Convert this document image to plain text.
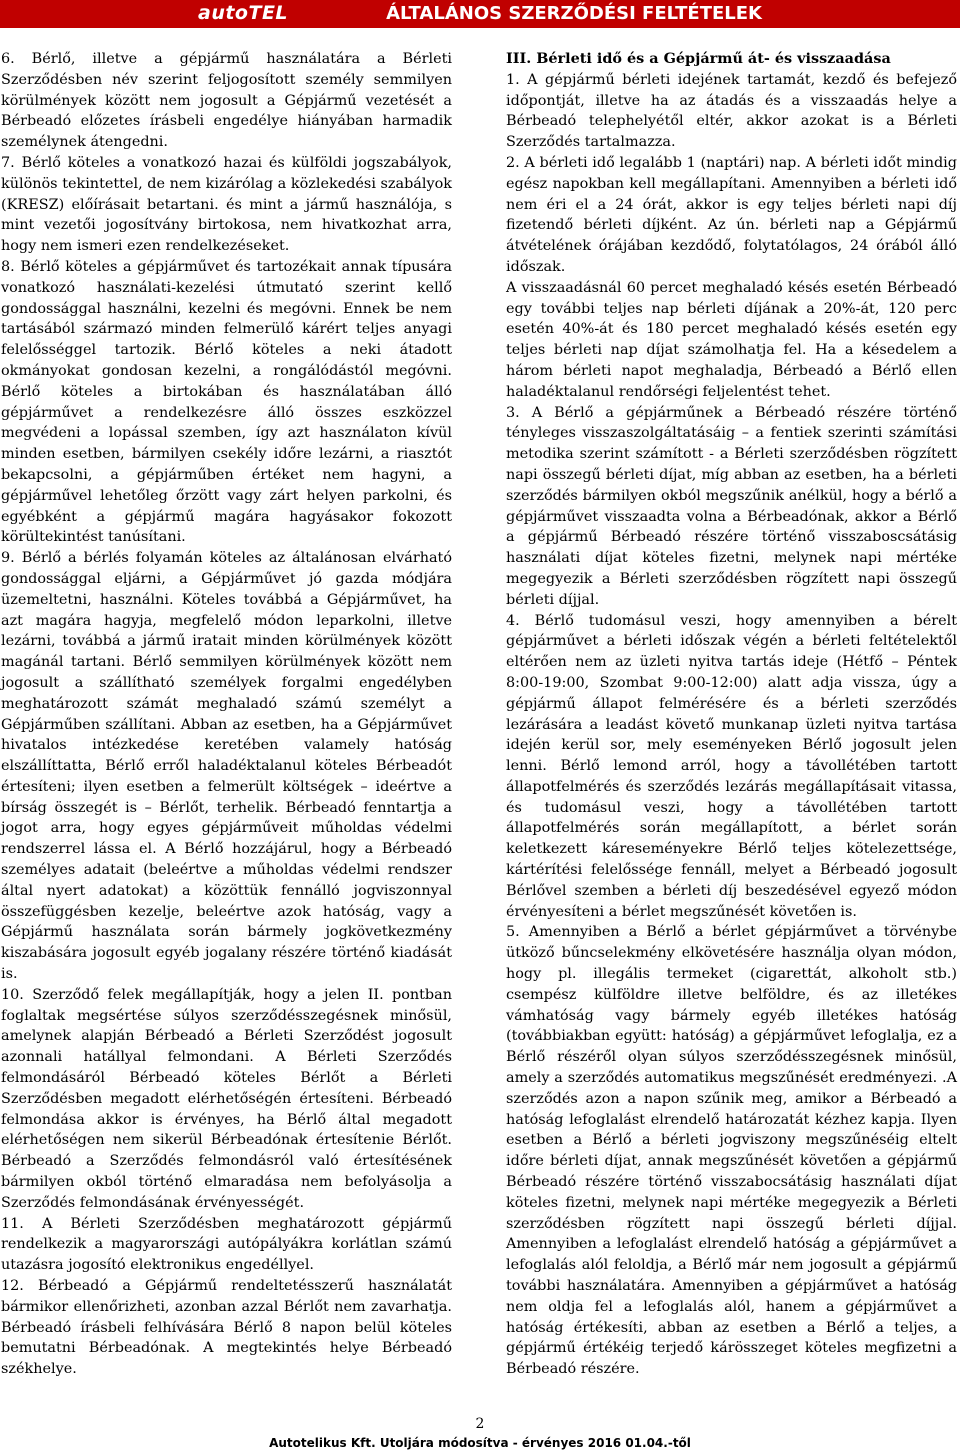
autoTEL	ÁLTALÁNOS SZERZŐDÉSI FELTÉTELEK

6. Bérlő, illetve a gépjármű használatára a Bérleti Szerződésben név szerint feljogosított személy semmilyen körülmények között nem jogosult a Gépjármű vezetését a Bérbeadó előzetes írásbeli engedélye hiányában harmadik személynek átengedni.

7. Bérlő köteles a vonatkozó hazai és külföldi jogszabályok, különös tekintettel, de nem kizárólag a közlekedési szabályok (KRESZ) előírásait betartani. és mint a jármű használója, s mint vezetői jogosítvány birtokosa, nem hivatkozhat arra, hogy nem ismeri ezen rendelkezéseket.

8. Bérlő köteles a gépjárművet és tartozékait annak típusára vonatkozó használati-kezelési útmutató szerint kellő gondossággal használni, kezelni és megóvni. Ennek be nem tartásából származó minden felmerülő kárért teljes anyagi felelősséggel tartozik. Bérlő köteles a neki átadott okmányokat gondosan kezelni, a rongálódástól megóvni. Bérlő köteles a birtokában és használatában álló gépjárművet a rendelkezésre álló összes eszközzel megvédeni a lopással szemben, így azt használaton kívül minden esetben, bármilyen csekély időre lezárni, a riasztót bekapcsolni, a gépjárműben értéket nem hagyni, a gépjárművel lehetőleg őrzött vagy zárt helyen parkolni, és egyébként a gépjármű magára hagyásakor fokozott körültekintést tanúsítani.

9. Bérlő a bérlés folyamán köteles az általánosan elvárható gondossággal eljárni, a Gépjárművet jó gazda módjára üzemeltetni, használni. Köteles továbbá a Gépjárművet, ha azt magára hagyja, megfelelő módon leparkolni, illetve lezárni, továbbá a jármű iratait minden körülmények között magánál tartani. Bérlő semmilyen körülmények között nem jogosult a szállítható személyek forgalmi engedélyben meghatározott számát meghaladó számú személyt a Gépjárműben szállítani. Abban az esetben, ha a Gépjárművet hivatalos intézkedése keretében valamely hatóság elszállíttatta, Bérlő erről haladéktalanul köteles Bérbeadót értesíteni; ilyen esetben a felmerült költségek – ideértve a bírság összegét is – Bérlőt, terhelik. Bérbeadó fenntartja a jogot arra, hogy egyes gépjárműveit műholdas védelmi rendszerrel lássa el. A Bérlő hozzájárul, hogy a Bérbeadó személyes adatait (beleértve a műholdas védelmi rendszer által nyert adatokat) a közöttük fennálló jogviszonnyal összefüggésben kezelje, beleértve azok hatóság, vagy a Gépjármű használata során bármely jogkövetkezmény kiszabására jogosult egyéb jogalany részére történő kiadását is.

10. Szerződő felek megállapítják, hogy a jelen II. pontban foglaltak megsértése súlyos szerződésszegésnek minősül, amelynek alapján Bérbeadó a Bérleti Szerződést jogosult azonnali hatállyal felmondani. A Bérleti Szerződés felmondásáról Bérbeadó köteles Bérlőt a Bérleti Szerződésben megadott elérhetőségén értesíteni. Bérbeadó felmondása akkor is érvényes, ha Bérlő által megadott elérhetőségen nem sikerül Bérbeadónak értesítenie Bérlőt. Bérbeadó a Szerződés felmondásról való értesítésének bármilyen okból történő elmaradása nem befolyásolja a Szerződés felmondásának érvényességét.

11. A Bérleti Szerződésben meghatározott gépjármű rendelkezik a magyarországi autópályákra korlátlan számú utazásra jogosító elektronikus engedéllyel.

12. Bérbeadó a Gépjármű rendeltetésszerű használatát bármikor ellenőrizheti, azonban azzal Bérlőt nem zavarhatja. Bérbeadó írásbeli felhívására Bérlő 8 napon belül köteles bemutatni Bérbeadónak. A megtekintés helye Bérbeadó székhelye.

III. Bérleti idő és a Gépjármű át- és visszaadása

1. A gépjármű bérleti idejének tartamát, kezdő és befejező időpontját, illetve ha az átadás és a visszaadás helye a Bérbeadó telephelyétől eltér, akkor azokat is a Bérleti Szerződés tartalmazza.

2. A bérleti idő legalább 1 (naptári) nap. A bérleti időt mindig egész napokban kell megállapítani. Amennyiben a bérleti idő nem éri el a 24 órát, akkor is egy teljes bérleti napi díj fizetendő bérleti díjként. Az ún. bérleti nap a Gépjármű átvételének órájában kezdődő, folytatólagos, 24 órából álló időszak.

A visszaadásnál 60 percet meghaladó késés esetén Bérbeadó egy további teljes nap bérleti díjának a 20%-át, 120 perc esetén 40%-át és 180 percet meghaladó késés esetén egy teljes bérleti nap díjat számolhatja fel. Ha a késedelem a három bérleti napot meghaladja, Bérbeadó a Bérlő ellen haladéktalanul rendőrségi feljelentést tehet.

3. A Bérlő a gépjárműnek a Bérbeadó részére történő tényleges visszaszolgáltatásáig – a fentiek szerinti számítási metodika szerint számított - a Bérleti szerződésben rögzített napi összegű bérleti díjat, míg abban az esetben, ha a bérleti szerződés bármilyen okból megszűnik anélkül, hogy a bérlő a gépjárművet visszaadta volna a Bérbeadónak, akkor a Bérlő a gépjármű Bérbeadó részére történő visszaboscsátásig használati díjat köteles fizetni, melynek napi mértéke megegyezik a Bérleti szerződésben rögzített napi összegű bérleti díjjal.

4. Bérlő tudomásul veszi, hogy amennyiben a bérelt gépjárművet a bérleti időszak végén a bérleti feltételektől eltérően nem az üzleti nyitva tartás ideje (Hétfő – Péntek 8:00-19:00, Szombat 9:00-12:00) alatt adja vissza, úgy a gépjármű állapot felmérésére és a bérleti szerződés lezárására a leadást követő munkanap üzleti nyitva tartása idején kerül sor, mely eseményeken Bérlő jogosult jelen lenni. Bérlő lemond arról, hogy a távollétében tartott állapotfelmérés és szerződés lezárás megállapításait vitassa, és tudomásul veszi, hogy a távollétében tartott állapotfelmérés során megállapított, a bérlet során keletkezett káreseményekre Bérlő teljes kötelezettsége, kártérítési felelőssége fennáll, melyet a Bérbeadó jogosult Bérlővel szemben a bérleti díj beszedésével egyező módon érvényesíteni a bérlet megszűnését követően is.

5. Amennyiben a Bérlő a bérlet gépjárművet a törvénybe ütköző bűncselekmény elkövetésére használja olyan módon, hogy pl. illegális termeket (cigarettát, alkoholt stb.) csempész külföldre illetve belföldre, és az illetékes vámhatóság vagy bármely egyéb illetékes hatóság (továbbiakban együtt: hatóság) a gépjárművet lefoglalja, ez a Bérlő részéről olyan súlyos szerződésszegésnek minősül, amely a szerződés automatikus megszűnését eredményezi. .A szerződés azon a napon szűnik meg, amikor a Bérbeadó a hatóság lefoglalást elrendelő határozatát kézhez kapja. Ilyen esetben a Bérlő a bérleti jogviszony megszűnéséig eltelt időre bérleti díjat, annak megszűnését követően a gépjármű Bérbeadó részére történő visszabocsátásig használati díjat köteles fizetni, melynek napi mértéke megegyezik a Bérleti szerződésben rögzített napi összegű bérleti díjjal. Amennyiben a lefoglalást elrendelő hatóság a gépjárművet a lefoglalás alól feloldja, a Bérlő már nem jogosult a gépjármű további használatára. Amennyiben a gépjárművet a hatóság nem oldja fel a lefoglalás alól, hanem a gépjárművet a hatóság értékesíti, abban az esetben a Bérlő a teljes, a gépjármű értékéig terjedő kárösszeget köteles megfizetni a Bérbeadó részére.

2
Autotelikus Kft. Utoljára módosítva - érvényes 2016 01.04.-től
